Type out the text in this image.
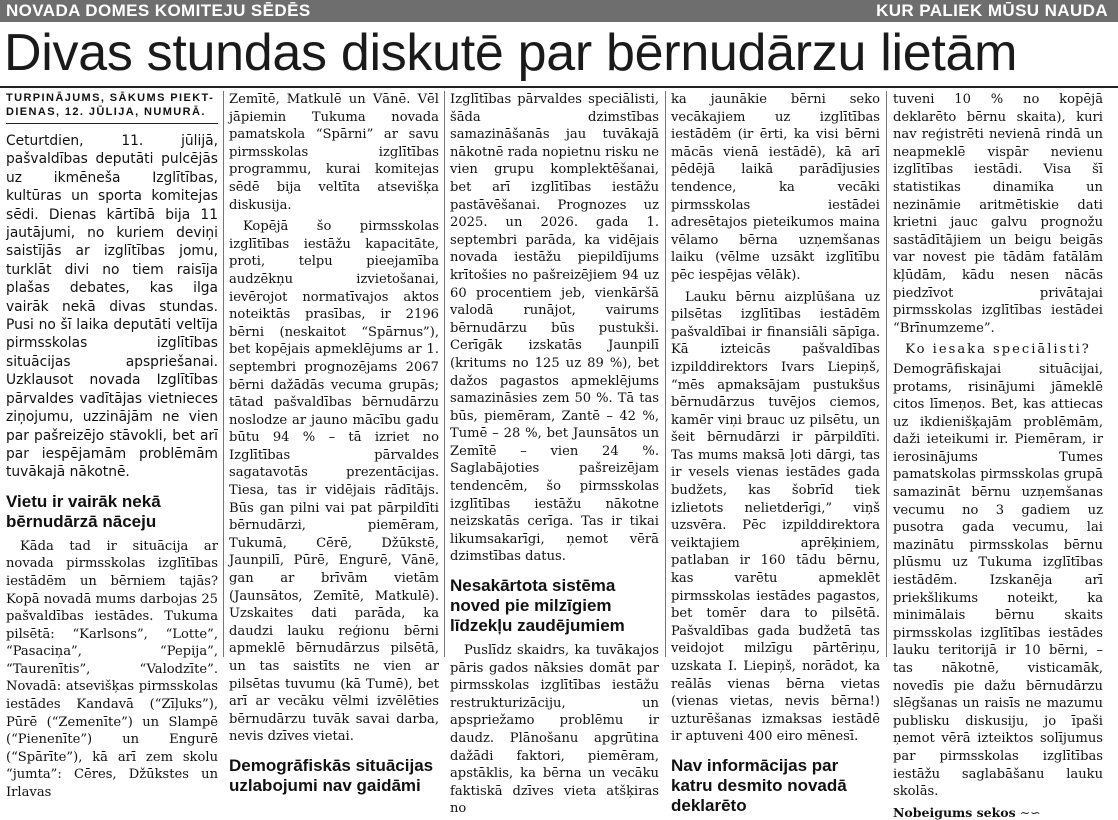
NOVADA DOMES KOMITEJU SĒDĒS	KUR PALIEK MŪSU NAUDA
Divas stundas diskutē par bērnudārzu lietām
TURPINĀJUMS, SĀKUMS PIEKT-DIENAS, 12. JŪLIJA, NUMURĀ.

Ceturtdien, 11. jūlijā, pašvaldības deputāti pulcējās uz ikmēneša Izglītības, kultūras un sporta komitejas sēdi. Dienas kārtībā bija 11 jautājumi, no kuriem deviņi saistījās ar izglītības jomu, turklāt divi no tiem raisīja plašas debates, kas ilga vairāk nekā divas stundas. Pusi no šī laika deputāti veltīja pirmsskolas izglītības situācijas apspriešanai. Uzklausot novada Izglītības pārvaldes vadītājas vietnieces ziņojumu, uzzinājām ne vien par pašreizējo stāvokli, bet arī par iespējamām problēmām tuvākajā nākotnē.

Vietu ir vairāk nekā bērnudārzā nāceju

Kāda tad ir situācija ar novada pirmsskolas izglītības iestādēm un bērniem tajās? Kopā novadā mums darbojas 25 pašvaldības iestādes. Tukuma pilsētā: “Karlsons”, “Lotte”, “Pasaciņa”, “Pepija”, “Taurenītis”, “Valodzīte”. Novadā: atsevišķas pirmsskolas iestādes Kandavā (“Zīļuks”), Pūrē (“Zemenīte”) un Slampē (“Pienenīte”) un Engurē (“Spārīte”), kā arī zem skolu “jumta”: Cēres, Džūkstes un Irlavas

Zemītē, Matkulē un Vānē. Vēl jāpiemin Tukuma novada pamatskola “Spārni” ar savu pirmsskolas izglītības programmu, kurai komitejas sēdē bija veltīta atsevišķa diskusija.

Kopējā šo pirmsskolas izglītības iestāžu kapacitāte, proti, telpu pieejamība audzēkņu izvietošanai, ievērojot normatīvajos aktos noteiktās prasības, ir 2196 bērni (neskaitot “Spārnus”), bet kopējais apmeklējums ar 1. septembri prognozējams 2067 bērni dažādās vecuma grupās; tātad pašvaldības bērnudārzu noslodze ar jauno mācību gadu būtu 94 % – tā izriet no Izglītības pārvaldes sagatavotās prezentācijas. Tiesa, tas ir vidējais rādītājs. Būs gan pilni vai pat pārpildīti bērnudārzi, piemēram, Tukumā, Cērē, Džūkstē, Jaunpilī, Pūrē, Engurē, Vānē, gan ar brīvām vietām (Jaunsātos, Zemītē, Matkulē). Uzskaites dati parāda, ka daudzi lauku reģionu bērni apmeklē bērnudārzus pilsētā, un tas saistīts ne vien ar pilsētas tuvumu (kā Tumē), bet arī ar vecāku vēlmi izvēlēties bērnudārzu tuvāk savai darba, nevis dzīves vietai.

Demogrāfiskās situācijas uzlabojumi nav gaidāmi

Izglītības pārvaldes speciālisti, šāda dzimstības samazināšanās jau tuvākajā nākotnē rada nopietnu risku ne vien grupu komplektēšanai, bet arī izglītības iestāžu pastāvēšanai. Prognozes uz 2025. un 2026. gada 1. septembri parāda, ka vidējais novada iestāžu piepildījums krītošies no pašreizējiem 94 uz 60 procentiem jeb, vienkāršā valodā runājot, vairums bērnudārzu būs pustukši. Cerīgāk izskatās Jaunpilī (kritums no 125 uz 89 %), bet dažos pagastos apmeklējums samazināsies zem 50 %. Tā tas būs, piemēram, Zantē – 42 %, Tumē – 28 %, bet Jaunsātos un Zemītē – vien 24 %. Saglabājoties pašreizējam tendencēm, šo pirmsskolas izglītības iestāžu nākotne neizskatās cerīga. Tas ir tikai likumsakarīgi, ņemot vērā dzimstības datus.

Nesakārtota sistēma noved pie milzīgiem līdzekļu zaudējumiem

Puslīdz skaidrs, ka tuvākajos pāris gados nāksies domāt par pirmsskolas izglītības iestāžu restrukturizāciju, un apspriežamo problēmu ir daudz. Plānošanu apgrūtina dažādi faktori, piemēram, apstāklis, ka bērna un vecāku faktiskā dzīves vieta atšķiras no

ka jaunākie bērni seko vecākajiem uz izglītības iestādēm (ir ērti, ka visi bērni mācās vienā iestādē), kā arī pēdējā laikā parādījusies tendence, ka vecāki pirmsskolas iestādei adresētajos pieteikumos maina vēlamo bērna uzņemšanas laiku (vēlme uzsākt izglītību pēc iespējas vēlāk).

Lauku bērnu aizplūšana uz pilsētas izglītības iestādēm pašvaldībai ir finansiāli sāpīga. Kā izteicās pašvaldības izpilddirektors Ivars Liepiņš, “mēs apmaksājam pustukšus bērnudārzus tuvējos ciemos, kamēr viņi brauc uz pilsētu, un šeit bērnudārzi ir pārpildīti. Tas mums maksā ļoti dārgi, tas ir vesels vienas iestādes gada budžets, kas šobrīd tiek izlietots nelietderīgi,” viņš uzsvēra. Pēc izpilddirektora veiktajiem aprēķiniem, patlaban ir 160 tādu bērnu, kas varētu apmeklēt pirmsskolas iestādes pagastos, bet tomēr dara to pilsētā. Pašvaldības gada budžetā tas veidojot milzīgu pārtēriņu, uzskata I. Liepiņš, norādot, ka reālās vienas bērna vietas (vienas vietas, nevis bērna!) uzturēšanas izmaksas iestādē ir aptuveni 400 eiro mēnesī.

Nav informācijas par katru desmito novadā deklarēto

tuveni 10 % no kopējā deklarēto bērnu skaita), kuri nav reģistrēti nevienā rindā un neapmeklē vispār nevienu izglītības iestādi. Visa šī statistikas dinamika un nezināmie aritmētiskie dati krietni jauc galvu prognožu sastādītājiem un beigu beigās var novest pie tādām fatālām kļūdām, kādu nesen nācās piedzīvot privātajai pirmsskolas izglītības iestādei “Brīnumzeme”.

Ko iesaka speciālisti?

Demogrāfiskajai situācijai, protams, risinājumi jāmeklē citos līmeņos. Bet, kas attiecas uz ikdienišķajām problēmām, daži ieteikumi ir. Piemēram, ir ierosinājums Tumes pamatskolas pirmsskolas grupā samazināt bērnu uzņemšanas vecumu no 3 gadiem uz pusotra gada vecumu, lai mazinātu pirmsskolas bērnu plūsmu uz Tukuma izglītības iestādēm. Izskanēja arī priekšlikums noteikt, ka minimālais bērnu skaits pirmsskolas izglītības iestādes lauku teritorijā ir 10 bērni, – tas nākotnē, visticamāk, novedīs pie dažu bērnudārzu slēgšanas un raisīs ne mazumu publisku diskusiju, jo īpaši ņemot vērā izteiktos solījumus par pirmsskolas izglītības iestāžu saglabāšanu lauku skolās.

Nobeigums sekos ∼∽
